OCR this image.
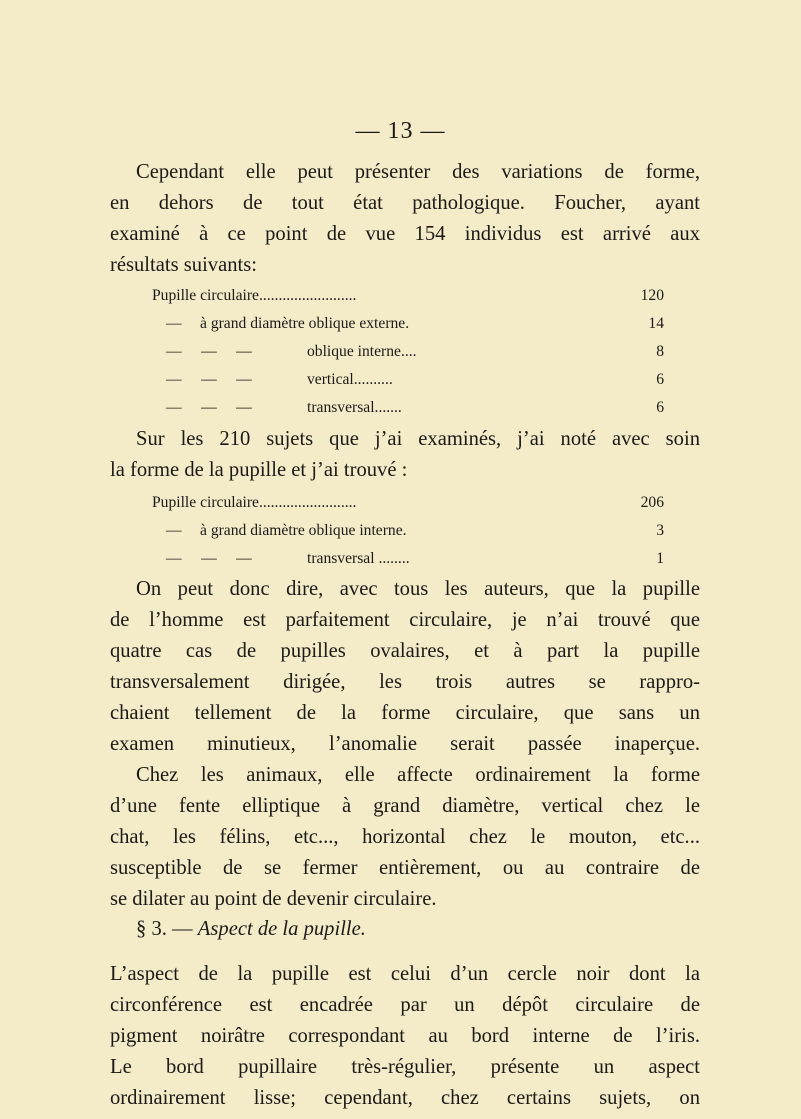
— 13 —
Cependant elle peut présenter des variations de forme,
en dehors de tout état pathologique. Foucher, ayant
examiné à ce point de vue 154 individus est arrivé aux
résultats suivants:
Pupille circulaire.........................	120
— à grand diamètre oblique externe.	14
—     —     —	oblique interne....	8
—     —     —	vertical..........	6
—     —     —	transversal.......	6
Sur les 210 sujets que j’ai examinés, j’ai noté avec soin
la forme de la pupille et j’ai trouvé :
Pupille circulaire.........................	206
— à grand diamètre oblique interne.	3
—     —     —	transversal ........	1
On peut donc dire, avec tous les auteurs, que la pupille
de l’homme est parfaitement circulaire, je n’ai trouvé que
quatre cas de pupilles ovalaires, et à part la pupille
transversalement dirigée, les trois autres se rappro-
chaient tellement de la forme circulaire, que sans un
examen minutieux, l’anomalie serait passée inaperçue.
Chez les animaux, elle affecte ordinairement la forme
d’une fente elliptique à grand diamètre, vertical chez le
chat, les félins, etc..., horizontal chez le mouton, etc...
susceptible de se fermer entièrement, ou au contraire de
se dilater au point de devenir circulaire.
§ 3. — Aspect de la pupille.
L’aspect de la pupille est celui d’un cercle noir dont la
circonférence est encadrée par un dépôt circulaire de
pigment noirâtre correspondant au bord interne de l’iris.
Le bord pupillaire très-régulier, présente un aspect
ordinairement lisse; cependant, chez certains sujets, on
